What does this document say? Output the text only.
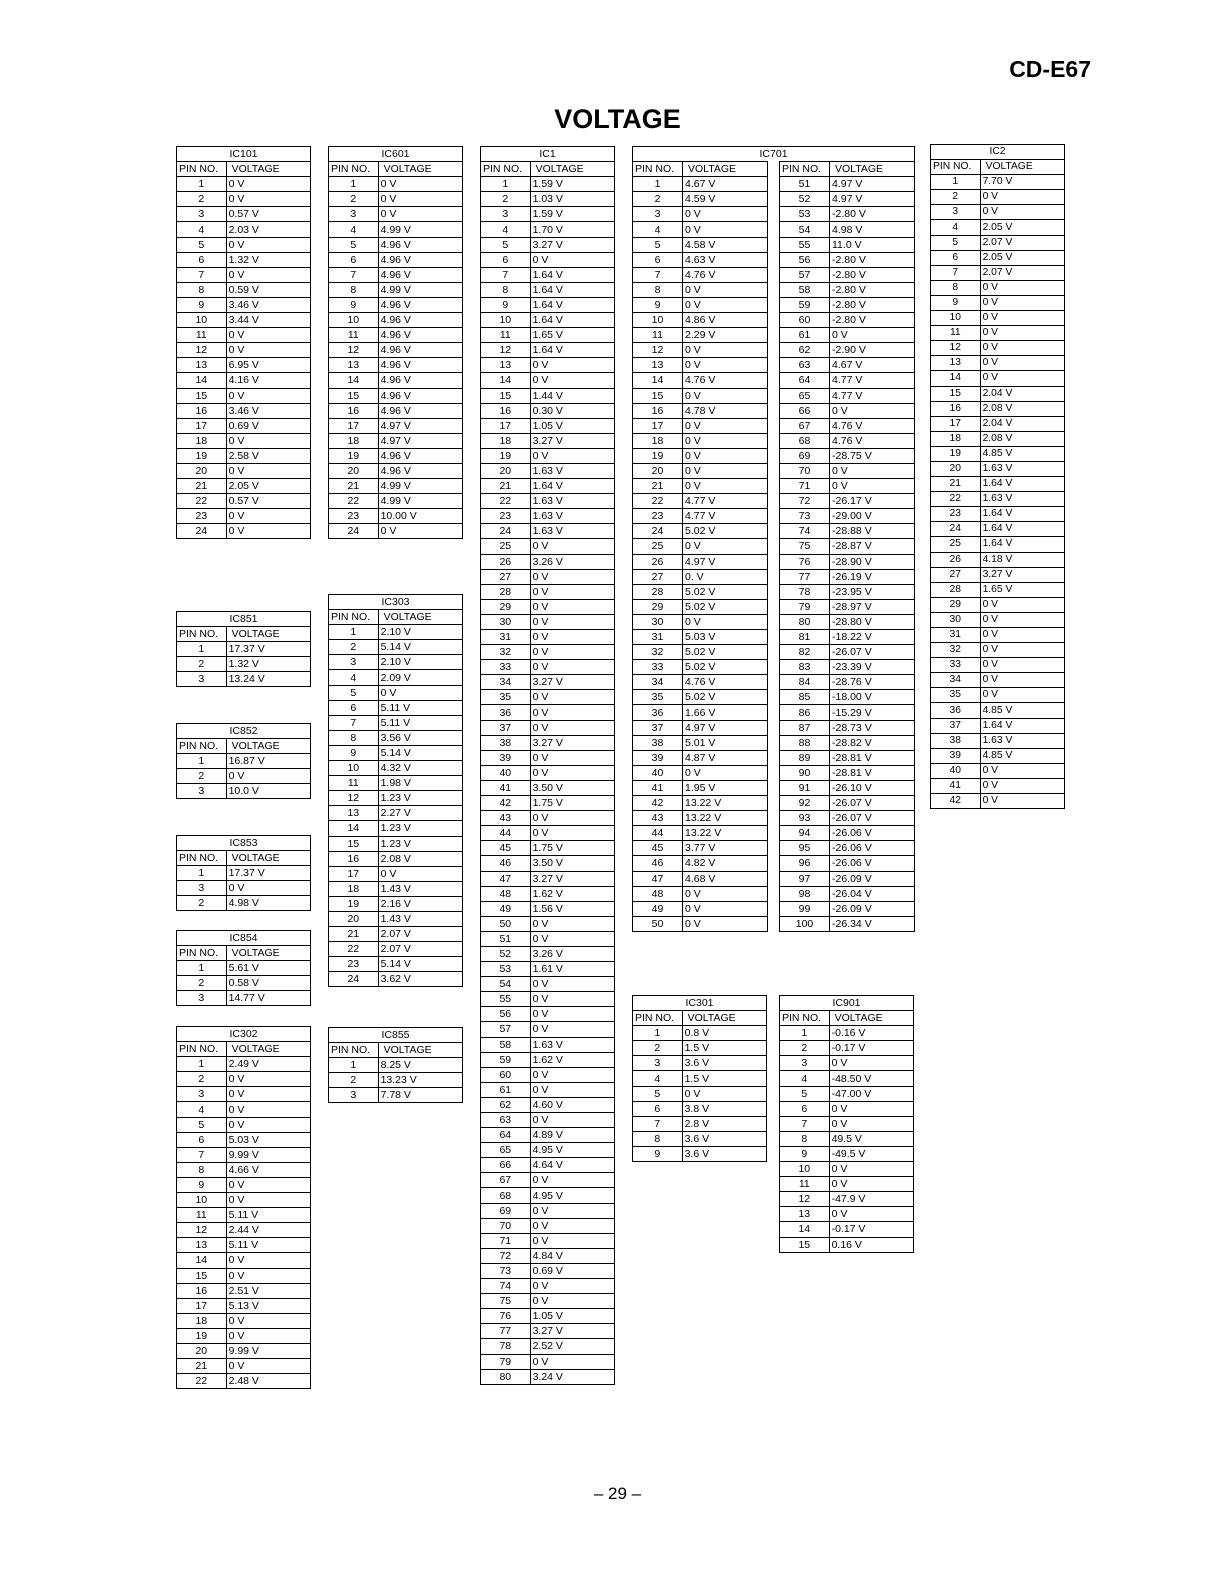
CD-E67
VOLTAGE
IC101	
PIN NO.	VOLTAGE
1	0 V
2	0 V
3	0.57 V
4	2.03 V
5	0 V
6	1.32 V
7	0 V
8	0.59 V
9	3.46 V
10	3.44 V
11	0 V
12	0 V
13	6.95 V
14	4.16 V
15	0 V
16	3.46 V
17	0.69 V
18	0 V
19	2.58 V
20	0 V
21	2.05 V
22	0.57 V
23	0 V
24	0 V
IC851	
PIN NO.	VOLTAGE
1	17.37 V
2	1.32 V
3	13.24 V
IC852	
PIN NO.	VOLTAGE
1	16.87 V
2	0 V
3	10.0 V
IC853	
PIN NO.	VOLTAGE
1	17.37 V
3	0 V
2	4.98 V
IC854	
PIN NO.	VOLTAGE
1	5.61 V
2	0.58 V
3	14.77 V
IC302	
PIN NO.	VOLTAGE
1	2.49 V
2	0 V
3	0 V
4	0 V
5	0 V
6	5.03 V
7	9.99 V
8	4.66 V
9	0 V
10	0 V
11	5.11 V
12	2.44 V
13	5.11 V
14	0 V
15	0 V
16	2.51 V
17	5.13 V
18	0 V
19	0 V
20	9.99 V
21	0 V
22	2.48 V
IC601	
PIN NO.	VOLTAGE
1	0 V
2	0 V
3	0 V
4	4.99 V
5	4.96 V
6	4.96 V
7	4.96 V
8	4.99 V
9	4.96 V
10	4.96 V
11	4.96 V
12	4.96 V
13	4.96 V
14	4.96 V
15	4.96 V
16	4.96 V
17	4.97 V
18	4.97 V
19	4.96 V
20	4.96 V
21	4.99 V
22	4.99 V
23	10.00 V
24	0 V
IC303	
PIN NO.	VOLTAGE
1	2.10 V
2	5.14 V
3	2.10 V
4	2.09 V
5	0 V
6	5.11 V
7	5.11 V
8	3.56 V
9	5.14 V
10	4.32 V
11	1.98 V
12	1.23 V
13	2.27 V
14	1.23 V
15	1.23 V
16	2.08 V
17	0 V
18	1.43 V
19	2.16 V
20	1.43 V
21	2.07 V
22	2.07 V
23	5.14 V
24	3.62 V
IC855	
PIN NO.	VOLTAGE
1	8.25 V
2	13.23 V
3	7.78 V
IC1	
PIN NO.	VOLTAGE
1	1.59 V
2	1.03 V
3	1.59 V
4	1.70 V
5	3.27 V
6	0 V
7	1.64 V
8	1.64 V
9	1.64 V
10	1.64 V
11	1.65 V
12	1.64 V
13	0 V
14	0 V
15	1.44 V
16	0.30 V
17	1.05 V
18	3.27 V
19	0 V
20	1.63 V
21	1.64 V
22	1.63 V
23	1.63 V
24	1.63 V
25	0 V
26	3.26 V
27	0 V
28	0 V
29	0 V
30	0 V
31	0 V
32	0 V
33	0 V
34	3.27 V
35	0 V
36	0 V
37	0 V
38	3.27 V
39	0 V
40	0 V
41	3.50 V
42	1.75 V
43	0 V
44	0 V
45	1.75 V
46	3.50 V
47	3.27 V
48	1.62 V
49	1.56 V
50	0 V
51	0 V
52	3.26 V
53	1.61 V
54	0 V
55	0 V
56	0 V
57	0 V
58	1.63 V
59	1.62 V
60	0 V
61	0 V
62	4.60 V
63	0 V
64	4.89 V
65	4.95 V
66	4.64 V
67	0 V
68	4.95 V
69	0 V
70	0 V
71	0 V
72	4.84 V
73	0.69 V
74	0 V
75	0 V
76	1.05 V
77	3.27 V
78	2.52 V
79	0 V
80	3.24 V
IC701				
PIN NO.	VOLTAGE		PIN NO.	VOLTAGE
1	4.67 V		51	4.97 V
2	4.59 V		52	4.97 V
3	0 V		53	-2.80 V
4	0 V		54	4.98 V
5	4.58 V		55	11.0 V
6	4.63 V		56	-2.80 V
7	4.76 V		57	-2.80 V
8	0 V		58	-2.80 V
9	0 V		59	-2.80 V
10	4.86 V		60	-2.80 V
11	2.29 V		61	0 V
12	0 V		62	-2.90 V
13	0 V		63	4.67 V
14	4.76 V		64	4.77 V
15	0 V		65	4.77 V
16	4.78 V		66	0 V
17	0 V		67	4.76 V
18	0 V		68	4.76 V
19	0 V		69	-28.75 V
20	0 V		70	0 V
21	0 V		71	0 V
22	4.77 V		72	-26.17 V
23	4.77 V		73	-29.00 V
24	5.02 V		74	-28.88 V
25	0 V		75	-28.87 V
26	4.97 V		76	-28.90 V
27	0. V		77	-26.19 V
28	5.02 V		78	-23.95 V
29	5.02 V		79	-28.97 V
30	0 V		80	-28.80 V
31	5.03 V		81	-18.22 V
32	5.02 V		82	-26.07 V
33	5.02 V		83	-23.39 V
34	4.76 V		84	-28.76 V
35	5.02 V		85	-18.00 V
36	1.66 V		86	-15.29 V
37	4.97 V		87	-28.73 V
38	5.01 V		88	-28.82 V
39	4.87 V		89	-28.81 V
40	0 V		90	-28.81 V
41	1.95 V		91	-26.10 V
42	13.22 V		92	-26.07 V
43	13.22 V		93	-26.07 V
44	13.22 V		94	-26.06 V
45	3.77 V		95	-26.06 V
46	4.82 V		96	-26.06 V
47	4.68 V		97	-26.09 V
48	0 V		98	-26.04 V
49	0 V		99	-26.09 V
50	0 V		100	-26.34 V
IC301	
PIN NO.	VOLTAGE
1	0.8 V
2	1.5 V
3	3.6 V
4	1.5 V
5	0 V
6	3.8 V
7	2.8 V
8	3.6 V
9	3.6 V
IC901	
PIN NO.	VOLTAGE
1	-0.16 V
2	-0.17 V
3	0 V
4	-48.50 V
5	-47.00 V
6	0 V
7	0 V
8	49.5 V
9	-49.5 V
10	0 V
11	0 V
12	-47.9 V
13	0 V
14	-0.17 V
15	0.16 V
IC2	
PIN NO.	VOLTAGE
1	7.70 V
2	0 V
3	0 V
4	2.05 V
5	2.07 V
6	2.05 V
7	2.07 V
8	0 V
9	0 V
10	0 V
11	0 V
12	0 V
13	0 V
14	0 V
15	2.04 V
16	2.08 V
17	2.04 V
18	2.08 V
19	4.85 V
20	1.63 V
21	1.64 V
22	1.63 V
23	1.64 V
24	1.64 V
25	1.64 V
26	4.18 V
27	3.27 V
28	1.65 V
29	0 V
30	0 V
31	0 V
32	0 V
33	0 V
34	0 V
35	0 V
36	4.85 V
37	1.64 V
38	1.63 V
39	4.85 V
40	0 V
41	0 V
42	0 V
– 29 –
